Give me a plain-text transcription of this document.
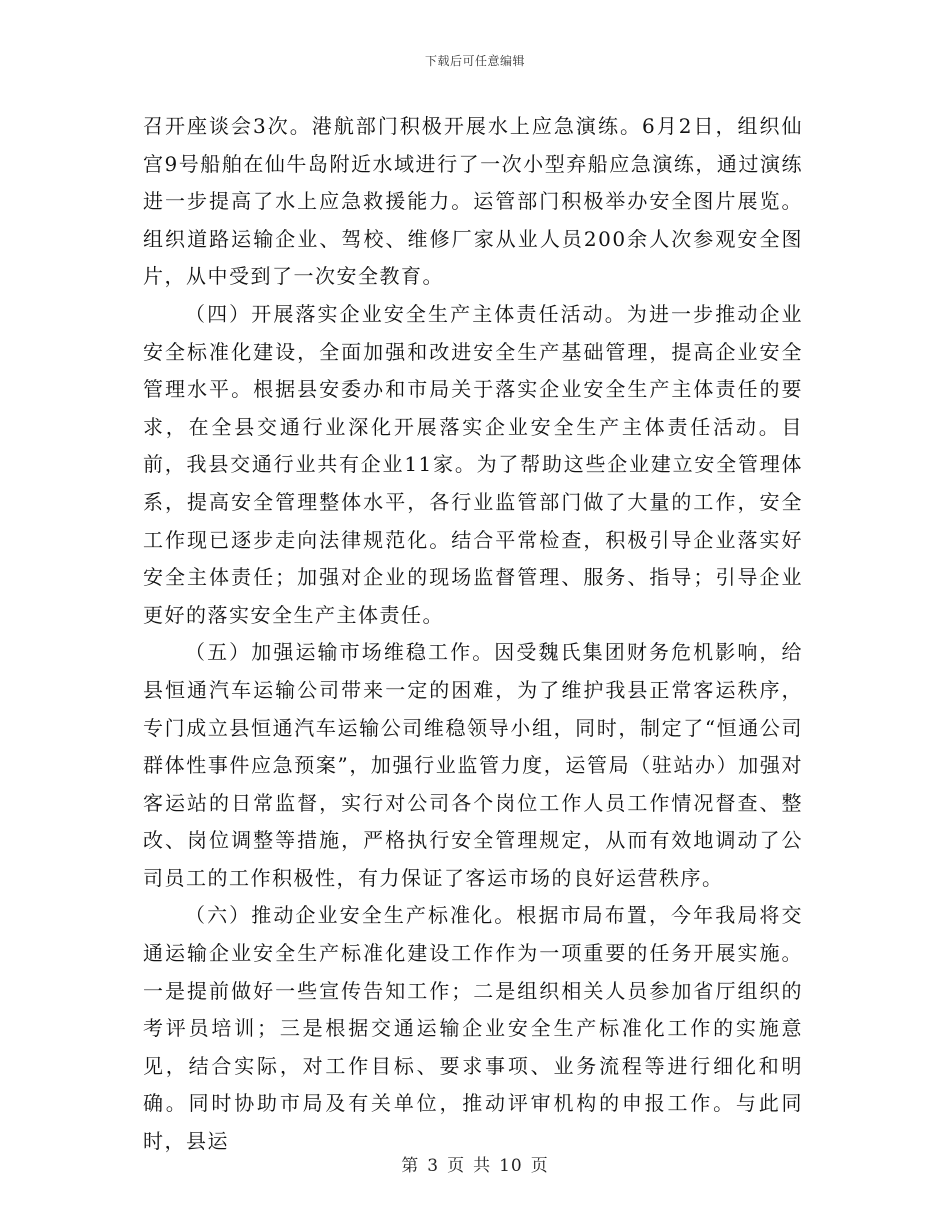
下载后可任意编辑

召开座谈会3次。港航部门积极开展水上应急演练。6月2日，组织仙宫9号船舶在仙牛岛附近水域进行了一次小型弃船应急演练，通过演练进一步提高了水上应急救援能力。运管部门积极举办安全图片展览。组织道路运输企业、驾校、维修厂家从业人员200余人次参观安全图片，从中受到了一次安全教育。

（四）开展落实企业安全生产主体责任活动。为进一步推动企业安全标准化建设，全面加强和改进安全生产基础管理，提高企业安全管理水平。根据县安委办和市局关于落实企业安全生产主体责任的要求，在全县交通行业深化开展落实企业安全生产主体责任活动。目前，我县交通行业共有企业11家。为了帮助这些企业建立安全管理体系，提高安全管理整体水平，各行业监管部门做了大量的工作，安全工作现已逐步走向法律规范化。结合平常检查，积极引导企业落实好安全主体责任；加强对企业的现场监督管理、服务、指导；引导企业更好的落实安全生产主体责任。

（五）加强运输市场维稳工作。因受魏氏集团财务危机影响，给县恒通汽车运输公司带来一定的困难，为了维护我县正常客运秩序，专门成立县恒通汽车运输公司维稳领导小组，同时，制定了“恒通公司群体性事件应急预案”，加强行业监管力度，运管局（驻站办）加强对客运站的日常监督，实行对公司各个岗位工作人员工作情况督查、整改、岗位调整等措施，严格执行安全管理规定，从而有效地调动了公司员工的工作积极性，有力保证了客运市场的良好运营秩序。

（六）推动企业安全生产标准化。根据市局布置，今年我局将交通运输企业安全生产标准化建设工作作为一项重要的任务开展实施。一是提前做好一些宣传告知工作；二是组织相关人员参加省厅组织的考评员培训；三是根据交通运输企业安全生产标准化工作的实施意见，结合实际，对工作目标、要求事项、业务流程等进行细化和明确。同时协助市局及有关单位，推动评审机构的申报工作。与此同时，县运

第 3 页 共 10 页
